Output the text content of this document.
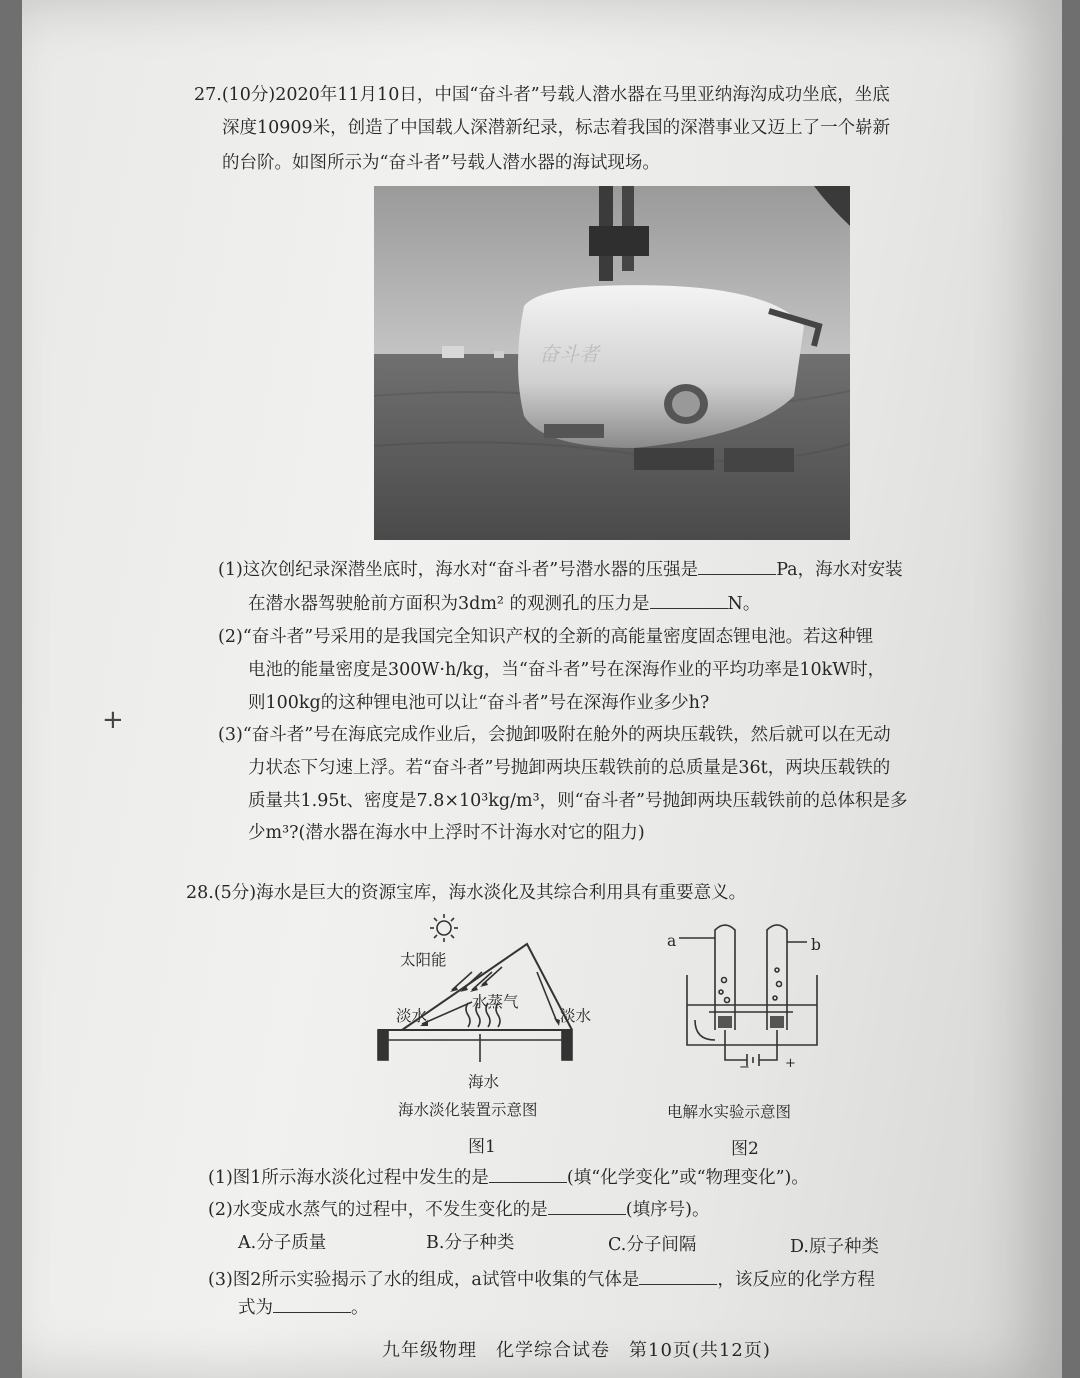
27.(10分)2020年11月10日，中国“奋斗者”号载人潜水器在马里亚纳海沟成功坐底，坐底
深度10909米，创造了中国载人深潜新纪录，标志着我国的深潜事业又迈上了一个崭新
的台阶。如图所示为“奋斗者”号载人潜水器的海试现场。
奋斗者
(1)这次创纪录深潜坐底时，海水对“奋斗者”号潜水器的压强是	Pa，海水对安装
在潜水器驾驶舱前方面积为3dm² 的观测孔的压力是	N。
(2)“奋斗者”号采用的是我国完全知识产权的全新的高能量密度固态锂电池。若这种锂
电池的能量密度是300W·h/kg，当“奋斗者”号在深海作业的平均功率是10kW时，
则100kg的这种锂电池可以让“奋斗者”号在深海作业多少h?
(3)“奋斗者”号在海底完成作业后，会抛卸吸附在舱外的两块压载铁，然后就可以在无动
力状态下匀速上浮。若“奋斗者”号抛卸两块压载铁前的总质量是36t，两块压载铁的
质量共1.95t、密度是7.8×10³kg/m³，则“奋斗者”号抛卸两块压载铁前的总体积是多
少m³?(潜水器在海水中上浮时不计海水对它的阻力)
+
28.(5分)海水是巨大的资源宝库，海水淡化及其综合利用具有重要意义。
太阳能
水蒸气
淡水	淡水
海水
海水淡化装置示意图
图1
a	b
−	+
电解水实验示意图
图2
(1)图1所示海水淡化过程中发生的是	(填“化学变化”或“物理变化”)。
(2)水变成水蒸气的过程中，不发生变化的是	(填序号)。
A.分子质量	B.分子种类	C.分子间隔	D.原子种类
(3)图2所示实验揭示了水的组成，a试管中收集的气体是	，该反应的化学方程
式为	。
九年级物理　化学综合试卷　第10页(共12页)
